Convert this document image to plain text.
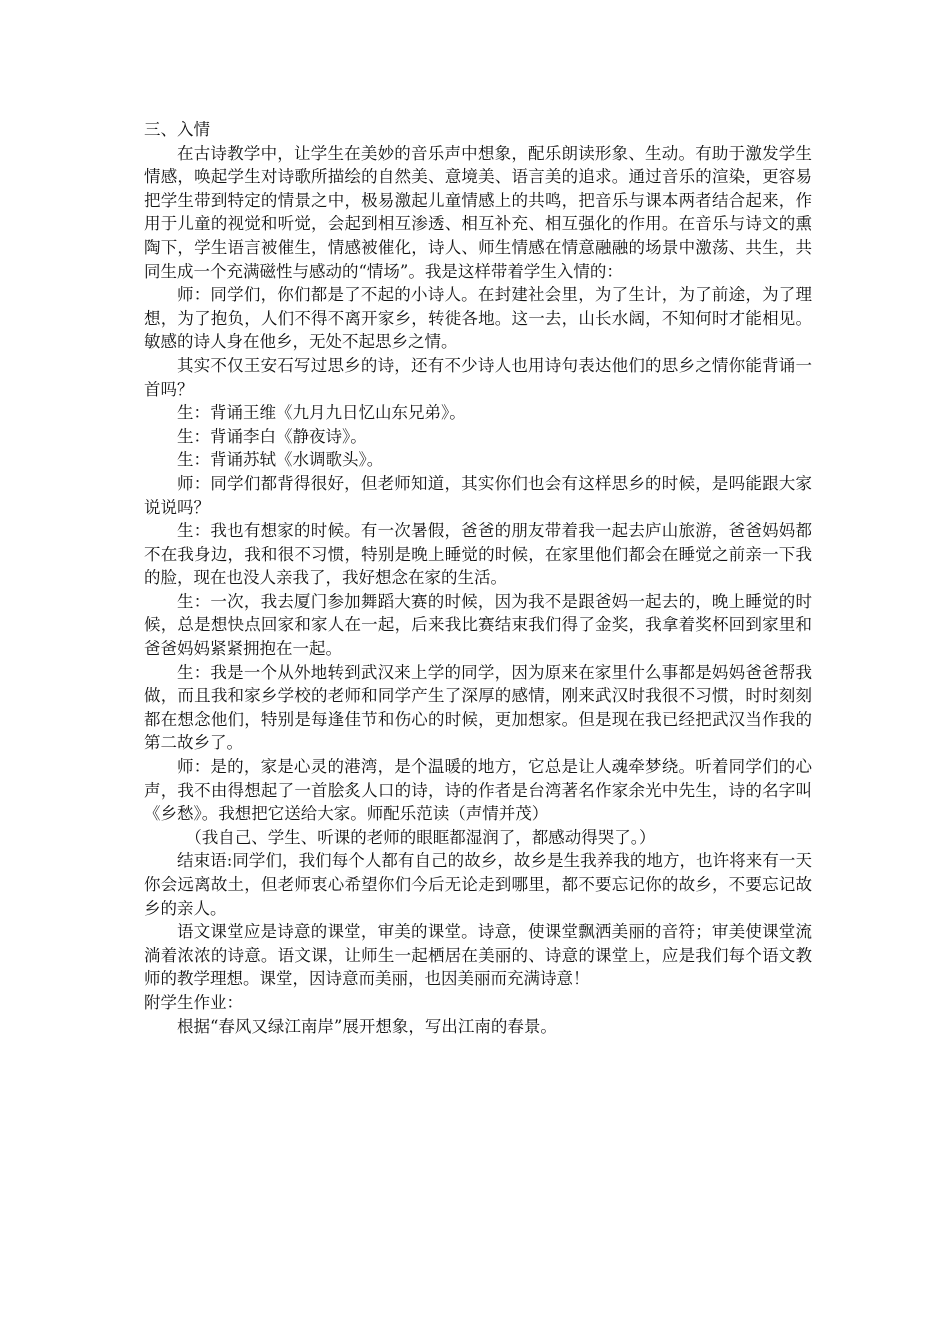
三、入情

在古诗教学中，让学生在美妙的音乐声中想象，配乐朗读形象、生动。有助于激发学生情感，唤起学生对诗歌所描绘的自然美、意境美、语言美的追求。通过音乐的渲染，更容易把学生带到特定的情景之中，极易激起儿童情感上的共鸣，把音乐与课本两者结合起来，作用于儿童的视觉和听觉，会起到相互渗透、相互补充、相互强化的作用。在音乐与诗文的熏陶下，学生语言被催生，情感被催化，诗人、师生情感在情意融融的场景中激荡、共生，共同生成一个充满磁性与感动的“情场”。我是这样带着学生入情的：

师：同学们，你们都是了不起的小诗人。在封建社会里，为了生计，为了前途，为了理想，为了抱负，人们不得不离开家乡，转徙各地。这一去，山长水阔，不知何时才能相见。敏感的诗人身在他乡，无处不起思乡之情。

其实不仅王安石写过思乡的诗，还有不少诗人也用诗句表达他们的思乡之情你能背诵一首吗？

生：背诵王维《九月九日忆山东兄弟》。

生：背诵李白《静夜诗》。

生：背诵苏轼《水调歌头》。

师：同学们都背得很好，但老师知道，其实你们也会有这样思乡的时候，是吗能跟大家说说吗？

生：我也有想家的时候。有一次暑假，爸爸的朋友带着我一起去庐山旅游，爸爸妈妈都不在我身边，我和很不习惯，特别是晚上睡觉的时候，在家里他们都会在睡觉之前亲一下我的脸，现在也没人亲我了，我好想念在家的生活。

生：一次，我去厦门参加舞蹈大赛的时候，因为我不是跟爸妈一起去的，晚上睡觉的时候，总是想快点回家和家人在一起，后来我比赛结束我们得了金奖，我拿着奖杯回到家里和爸爸妈妈紧紧拥抱在一起。

生：我是一个从外地转到武汉来上学的同学，因为原来在家里什么事都是妈妈爸爸帮我做，而且我和家乡学校的老师和同学产生了深厚的感情，刚来武汉时我很不习惯，时时刻刻都在想念他们，特别是每逢佳节和伤心的时候，更加想家。但是现在我已经把武汉当作我的第二故乡了。

师：是的，家是心灵的港湾，是个温暖的地方，它总是让人魂牵梦绕。听着同学们的心声，我不由得想起了一首脍炙人口的诗，诗的作者是台湾著名作家余光中先生，诗的名字叫《乡愁》。我想把它送给大家。师配乐范读（声情并茂）

（我自己、学生、听课的老师的眼眶都湿润了，都感动得哭了。）

结束语:同学们，我们每个人都有自己的故乡，故乡是生我养我的地方，也许将来有一天你会远离故土，但老师衷心希望你们今后无论走到哪里，都不要忘记你的故乡，不要忘记故乡的亲人。

语文课堂应是诗意的课堂，审美的课堂。诗意，使课堂飘洒美丽的音符；审美使课堂流淌着浓浓的诗意。语文课，让师生一起栖居在美丽的、诗意的课堂上，应是我们每个语文教师的教学理想。课堂，因诗意而美丽，也因美丽而充满诗意！

附学生作业：

根据“春风又绿江南岸”展开想象，写出江南的春景。
